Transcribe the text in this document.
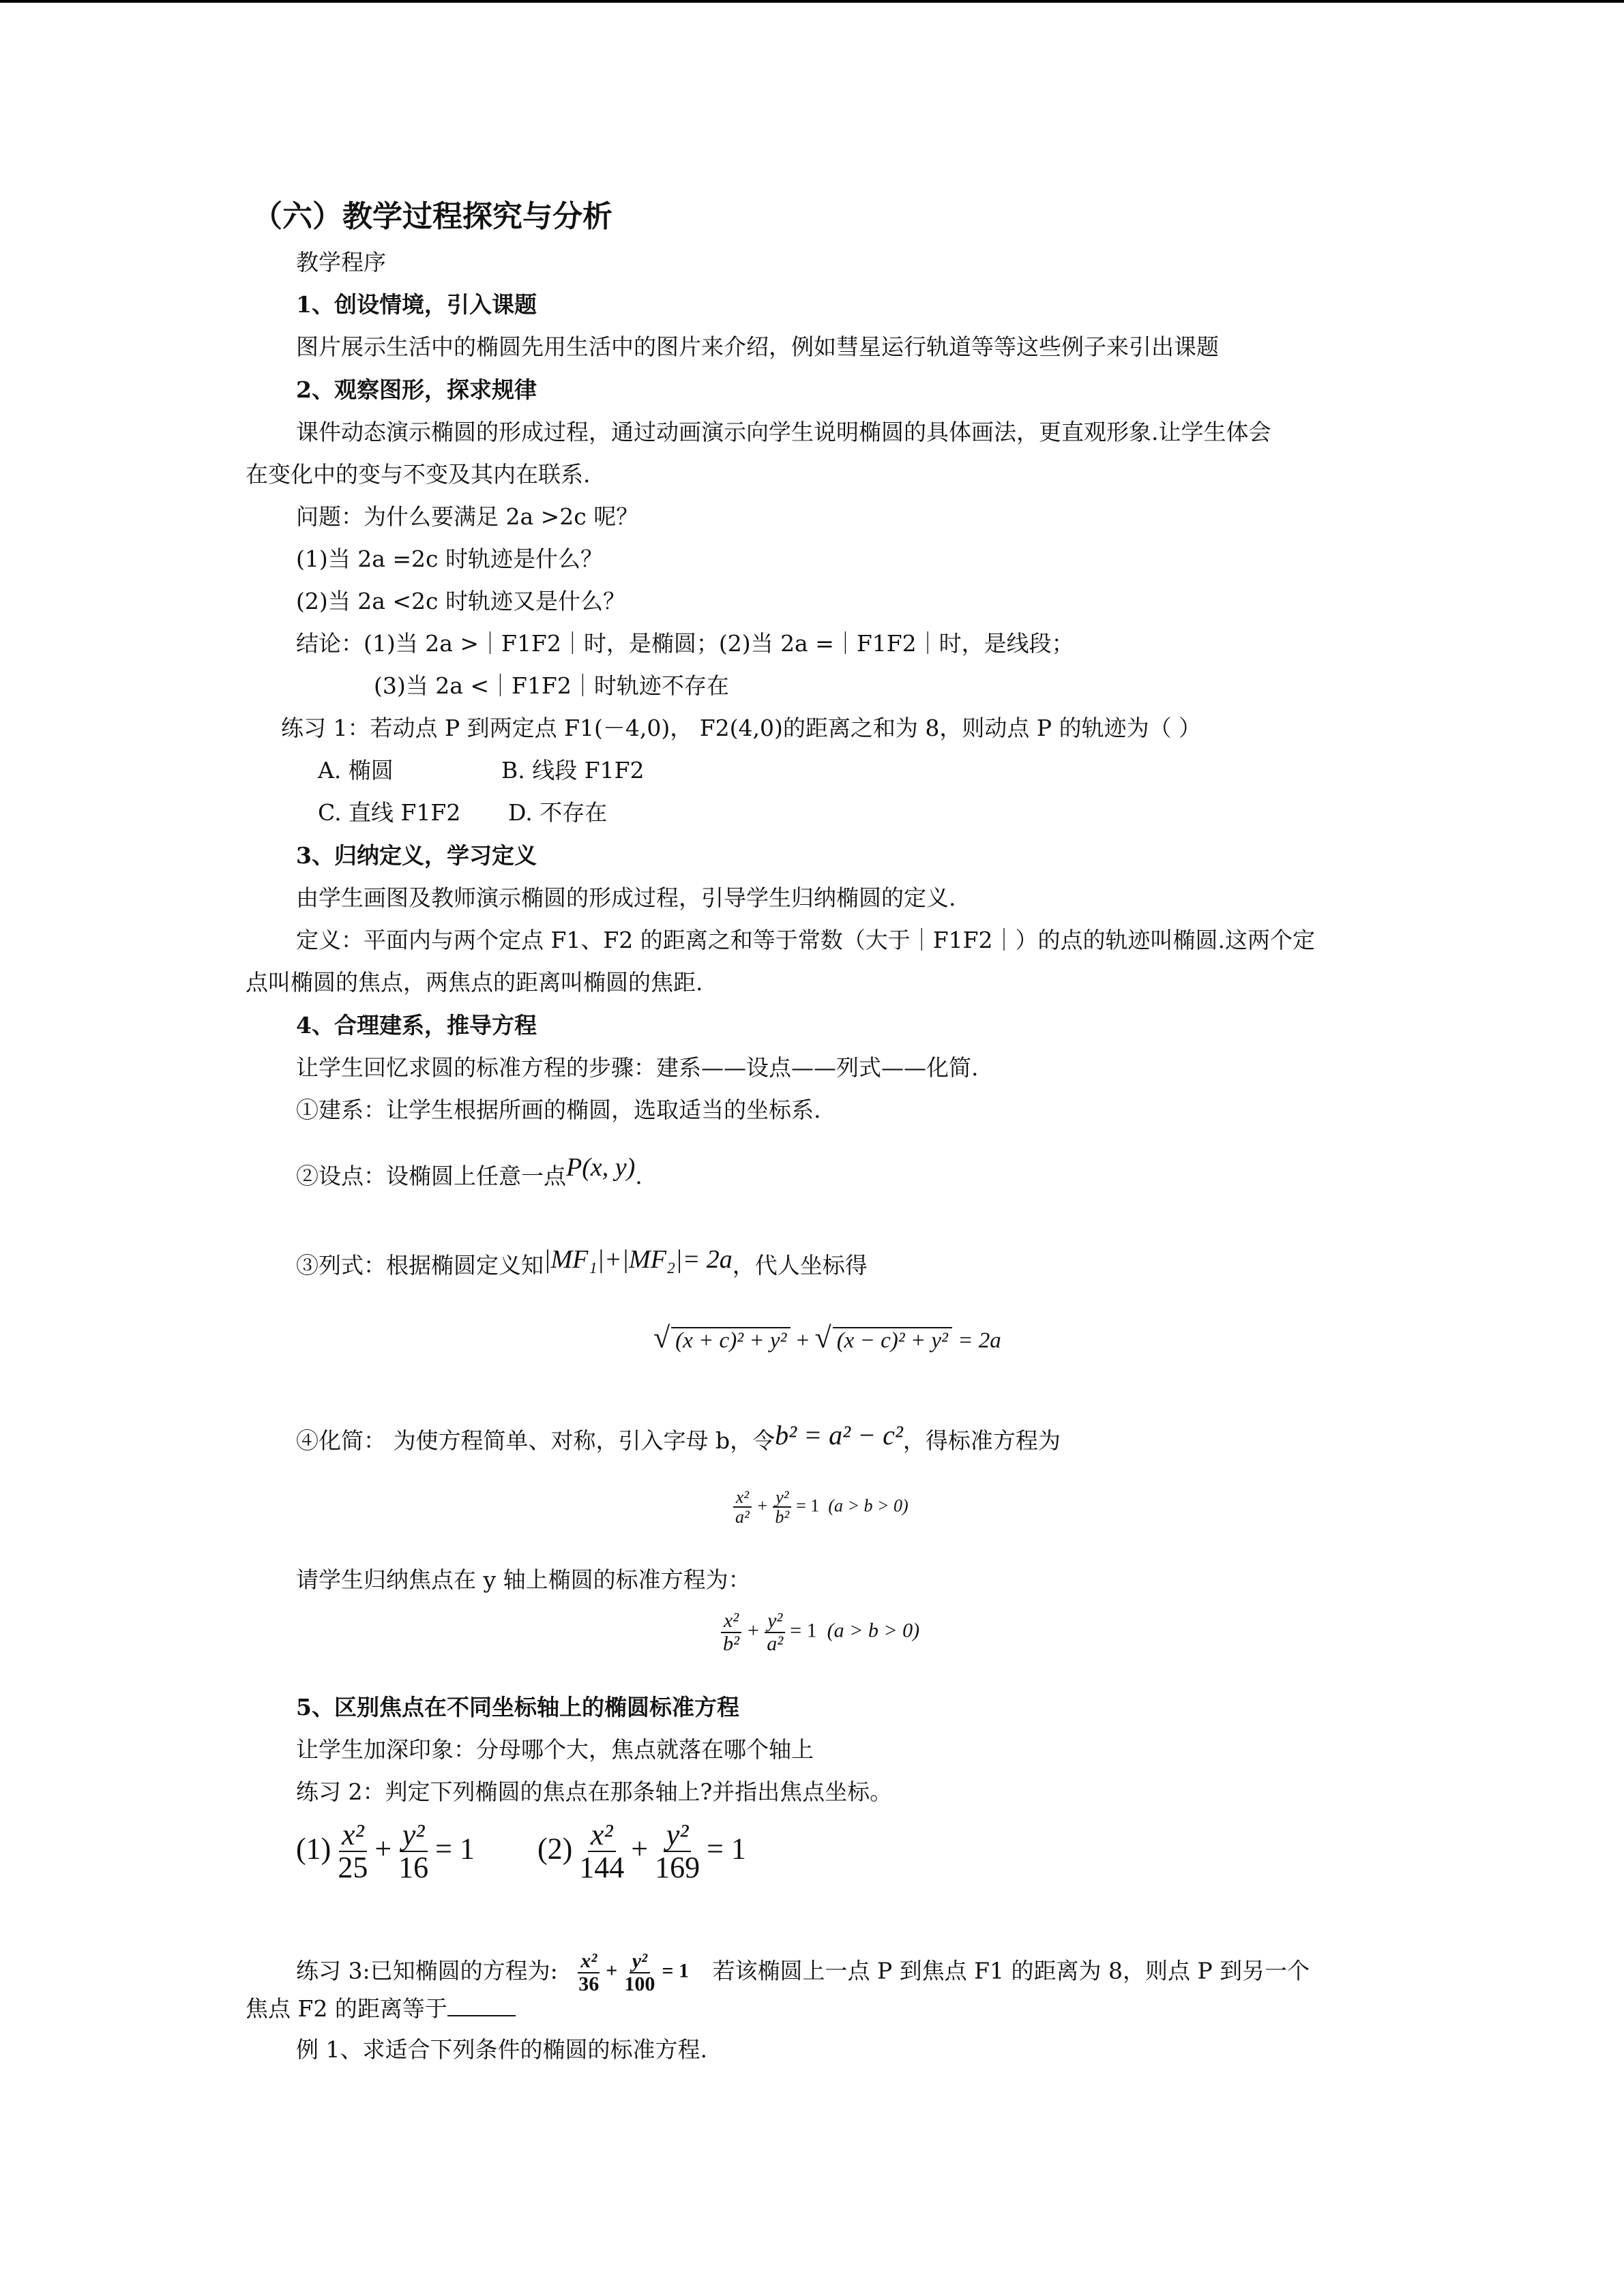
（六）教学过程探究与分析
教学程序
1、创设情境，引入课题
图片展示生活中的椭圆先用生活中的图片来介绍，例如彗星运行轨道等等这些例子来引出课题
2、观察图形，探求规律
课件动态演示椭圆的形成过程，通过动画演示向学生说明椭圆的具体画法，更直观形象.让学生体会
在变化中的变与不变及其内在联系.
问题：为什么要满足 2a >2c 呢？
(1)当 2a =2c 时轨迹是什么？
(2)当 2a <2c 时轨迹又是什么？
结论：(1)当 2a >｜F1F2｜时，是椭圆；(2)当 2a =｜F1F2｜时，是线段；
(3)当 2a <｜F1F2｜时轨迹不存在
练习 1：若动点 P 到两定点 F1(－4,0)， F2(4,0)的距离之和为 8，则动点 P 的轨迹为（ ）
A. 椭圆	B. 线段 F1F2
C. 直线 F1F2 D. 不存在
3、归纳定义，学习定义
由学生画图及教师演示椭圆的形成过程，引导学生归纳椭圆的定义.
定义：平面内与两个定点 F1、F2 的距离之和等于常数（大于｜F1F2｜）的点的轨迹叫椭圆.这两个定
点叫椭圆的焦点，两焦点的距离叫椭圆的焦距.
4、合理建系，推导方程
让学生回忆求圆的标准方程的步骤：建系——设点——列式——化简.
①建系：让学生根据所画的椭圆，选取适当的坐标系.
②设点：设椭圆上任意一点P(x, y).
③列式：根据椭圆定义知|MF₁|+|MF₂|= 2a，代人坐标得
√ (x + c)² + y² + √ (x − c)² + y² = 2a
④化简： 为使方程简单、对称，引入字母 b，令b² = a² − c²，得标准方程为
$\frac{\text{x²}}{\text{a²}} + \frac{\text{y²}}{\text{b²}} = 1$ (a > b > 0)
请学生归纳焦点在 y 轴上椭圆的标准方程为：
$\frac{\text{x²}}{\text{b²}} + \frac{\text{y²}}{\text{a²}} = 1$ (a > b > 0)
5、区别焦点在不同坐标轴上的椭圆标准方程
让学生加深印象：分母哪个大，焦点就落在哪个轴上
练习 2：判定下列椭圆的焦点在那条轴上?并指出焦点坐标。
$(1) \frac{\text{x²}}{25} + \frac{\text{y²}}{16} = 1$ $(2) \frac{\text{x²}}{144} + \frac{\text{y²}}{169} = 1$
练习 3:已知椭圆的方程为: $\frac{\text{x²}}{36} + \frac{\text{y²}}{100} = 1$ 若该椭圆上一点 P 到焦点 F1 的距离为 8，则点 P 到另一个
焦点 F2 的距离等于
例 1、求适合下列条件的椭圆的标准方程.
